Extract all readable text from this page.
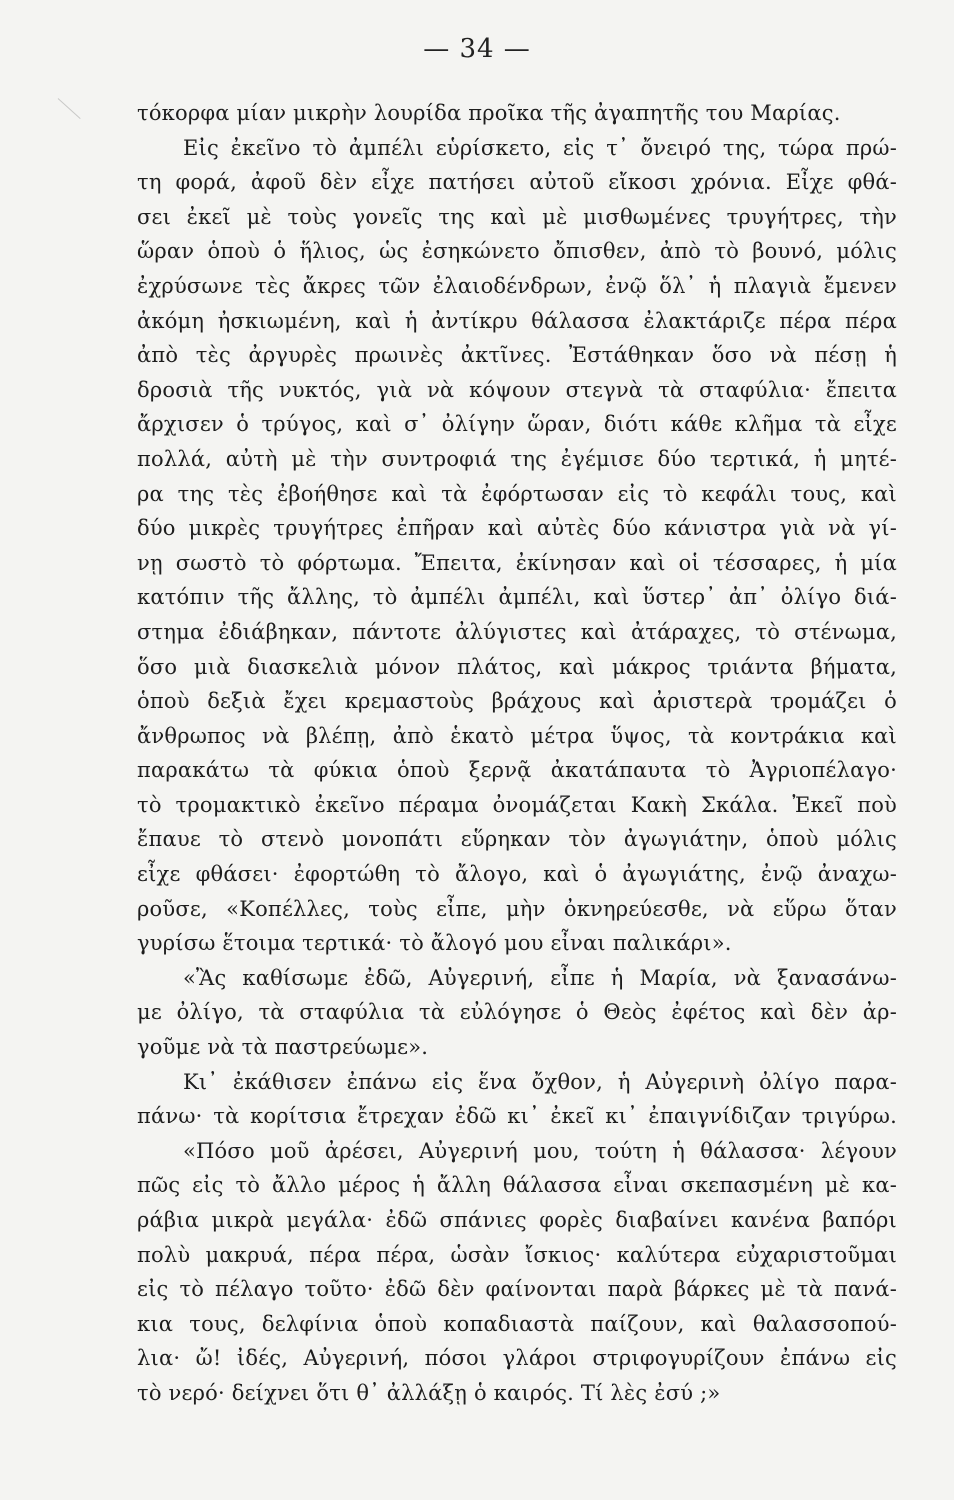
— 34 —
τόκορφα μίαν μικρὴν λουρίδα προῖκα τῆς ἀγαπητῆς του Μαρίας.
Εἰς ἐκεῖνο τὸ ἀμπέλι εὑρίσκετο, εἰς τ᾽ ὄνειρό της, τώρα πρώ-
τη φορά, ἀφοῦ δὲν εἶχε πατήσει αὐτοῦ εἴκοσι χρόνια. Εἶχε φθά-
σει ἐκεῖ μὲ τοὺς γονεῖς της καὶ μὲ μισθωμένες τρυγήτρες, τὴν
ὥραν ὁποὺ ὁ ἥλιος, ὡς ἐσηκώνετο ὄπισθεν, ἀπὸ τὸ βουνό, μόλις
ἐχρύσωνε τὲς ἄκρες τῶν ἐλαιοδένδρων, ἐνῷ ὅλ᾽ ἡ πλαγιὰ ἔμενεν
ἀκόμη ἠσκιωμένη, καὶ ἡ ἀντίκρυ θάλασσα ἐλακτάριζε πέρα πέρα
ἀπὸ τὲς ἀργυρὲς πρωινὲς ἀκτῖνες. Ἐστάθηκαν ὅσο νὰ πέσῃ ἡ
δροσιὰ τῆς νυκτός, γιὰ νὰ κόψουν στεγνὰ τὰ σταφύλια· ἔπειτα
ἄρχισεν ὁ τρύγος, καὶ σ᾽ ὀλίγην ὥραν, διότι κάθε κλῆμα τὰ εἶχε
πολλά, αὐτὴ μὲ τὴν συντροφιά της ἐγέμισε δύο τερτικά, ἡ μητέ-
ρα της τὲς ἐβοήθησε καὶ τὰ ἐφόρτωσαν εἰς τὸ κεφάλι τους, καὶ
δύο μικρὲς τρυγήτρες ἐπῆραν καὶ αὐτὲς δύο κάνιστρα γιὰ νὰ γί-
νῃ σωστὸ τὸ φόρτωμα. Ἔπειτα, ἐκίνησαν καὶ οἱ τέσσαρες, ἡ μία
κατόπιν τῆς ἄλλης, τὸ ἀμπέλι ἀμπέλι, καὶ ὕστερ᾽ ἀπ᾽ ὀλίγο διά-
στημα ἐδιάβηκαν, πάντοτε ἀλύγιστες καὶ ἀτάραχες, τὸ στένωμα,
ὅσο μιὰ διασκελιὰ μόνον πλάτος, καὶ μάκρος τριάντα βήματα,
ὁποὺ δεξιὰ ἔχει κρεμαστοὺς βράχους καὶ ἀριστερὰ τρομάζει ὁ
ἄνθρωπος νὰ βλέπῃ, ἀπὸ ἑκατὸ μέτρα ὕψος, τὰ κοντράκια καὶ
παρακάτω τὰ φύκια ὁποὺ ξερνᾷ ἀκατάπαυτα τὸ Ἀγριοπέλαγο·
τὸ τρομακτικὸ ἐκεῖνο πέραμα ὀνομάζεται Κακὴ Σκάλα. Ἐκεῖ ποὺ
ἔπαυε τὸ στενὸ μονοπάτι εὕρηκαν τὸν ἀγωγιάτην, ὁποὺ μόλις
εἶχε φθάσει· ἐφορτώθη τὸ ἄλογο, καὶ ὁ ἀγωγιάτης, ἐνῷ ἀναχω-
ροῦσε, «Κοπέλλες, τοὺς εἶπε, μὴν ὀκνηρεύεσθε, νὰ εὕρω ὅταν
γυρίσω ἕτοιμα τερτικά· τὸ ἄλογό μου εἶναι παλικάρι».
«Ἂς καθίσωμε ἐδῶ, Αὐγερινή, εἶπε ἡ Μαρία, νὰ ξανασάνω-
με ὀλίγο, τὰ σταφύλια τὰ εὐλόγησε ὁ Θεὸς ἐφέτος καὶ δὲν ἀρ-
γοῦμε νὰ τὰ παστρεύωμε».
Κι᾽ ἐκάθισεν ἐπάνω εἰς ἕνα ὄχθον, ἡ Αὐγερινὴ ὀλίγο παρα-
πάνω· τὰ κορίτσια ἔτρεχαν ἐδῶ κι᾽ ἐκεῖ κι᾽ ἐπαιγνίδιζαν τριγύρω.
«Πόσο μοῦ ἀρέσει, Αὐγερινή μου, τούτη ἡ θάλασσα· λέγουν
πῶς εἰς τὸ ἄλλο μέρος ἡ ἄλλη θάλασσα εἶναι σκεπασμένη μὲ κα-
ράβια μικρὰ μεγάλα· ἐδῶ σπάνιες φορὲς διαβαίνει κανένα βαπόρι
πολὺ μακρυά, πέρα πέρα, ὡσὰν ἴσκιος· καλύτερα εὐχαριστοῦμαι
εἰς τὸ πέλαγο τοῦτο· ἐδῶ δὲν φαίνονται παρὰ βάρκες μὲ τὰ πανά-
κια τους, δελφίνια ὁποὺ κοπαδιαστὰ παίζουν, καὶ θαλασσοπού-
λια· ὤ! ἰδές, Αὐγερινή, πόσοι γλάροι στριφογυρίζουν ἐπάνω εἰς
τὸ νερό· δείχνει ὅτι θ᾽ ἀλλάξῃ ὁ καιρός. Τί λὲς ἐσύ ;»
